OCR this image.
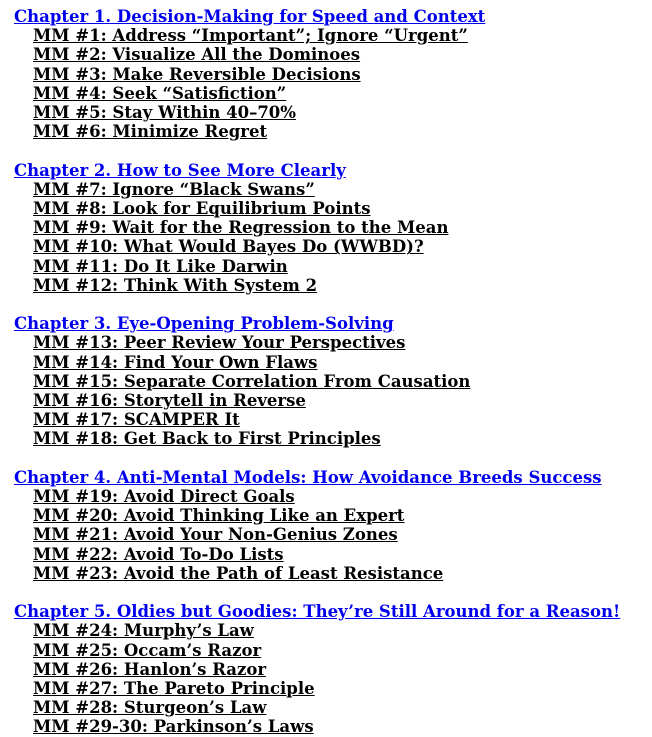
Chapter 1. Decision-Making for Speed and Context
MM #1: Address “Important”; Ignore “Urgent”
MM #2: Visualize All the Dominoes
MM #3: Make Reversible Decisions
MM #4: Seek “Satisfiction”
MM #5: Stay Within 40–70%
MM #6: Minimize Regret
Chapter 2. How to See More Clearly
MM #7: Ignore “Black Swans”
MM #8: Look for Equilibrium Points
MM #9: Wait for the Regression to the Mean
MM #10: What Would Bayes Do (WWBD)?
MM #11: Do It Like Darwin
MM #12: Think With System 2
Chapter 3. Eye-Opening Problem-Solving
MM #13: Peer Review Your Perspectives
MM #14: Find Your Own Flaws
MM #15: Separate Correlation From Causation
MM #16: Storytell in Reverse
MM #17: SCAMPER It
MM #18: Get Back to First Principles
Chapter 4. Anti-Mental Models: How Avoidance Breeds Success
MM #19: Avoid Direct Goals
MM #20: Avoid Thinking Like an Expert
MM #21: Avoid Your Non-Genius Zones
MM #22: Avoid To-Do Lists
MM #23: Avoid the Path of Least Resistance
Chapter 5. Oldies but Goodies: They’re Still Around for a Reason!
MM #24: Murphy’s Law
MM #25: Occam’s Razor
MM #26: Hanlon’s Razor
MM #27: The Pareto Principle
MM #28: Sturgeon’s Law
MM #29-30: Parkinson’s Laws
